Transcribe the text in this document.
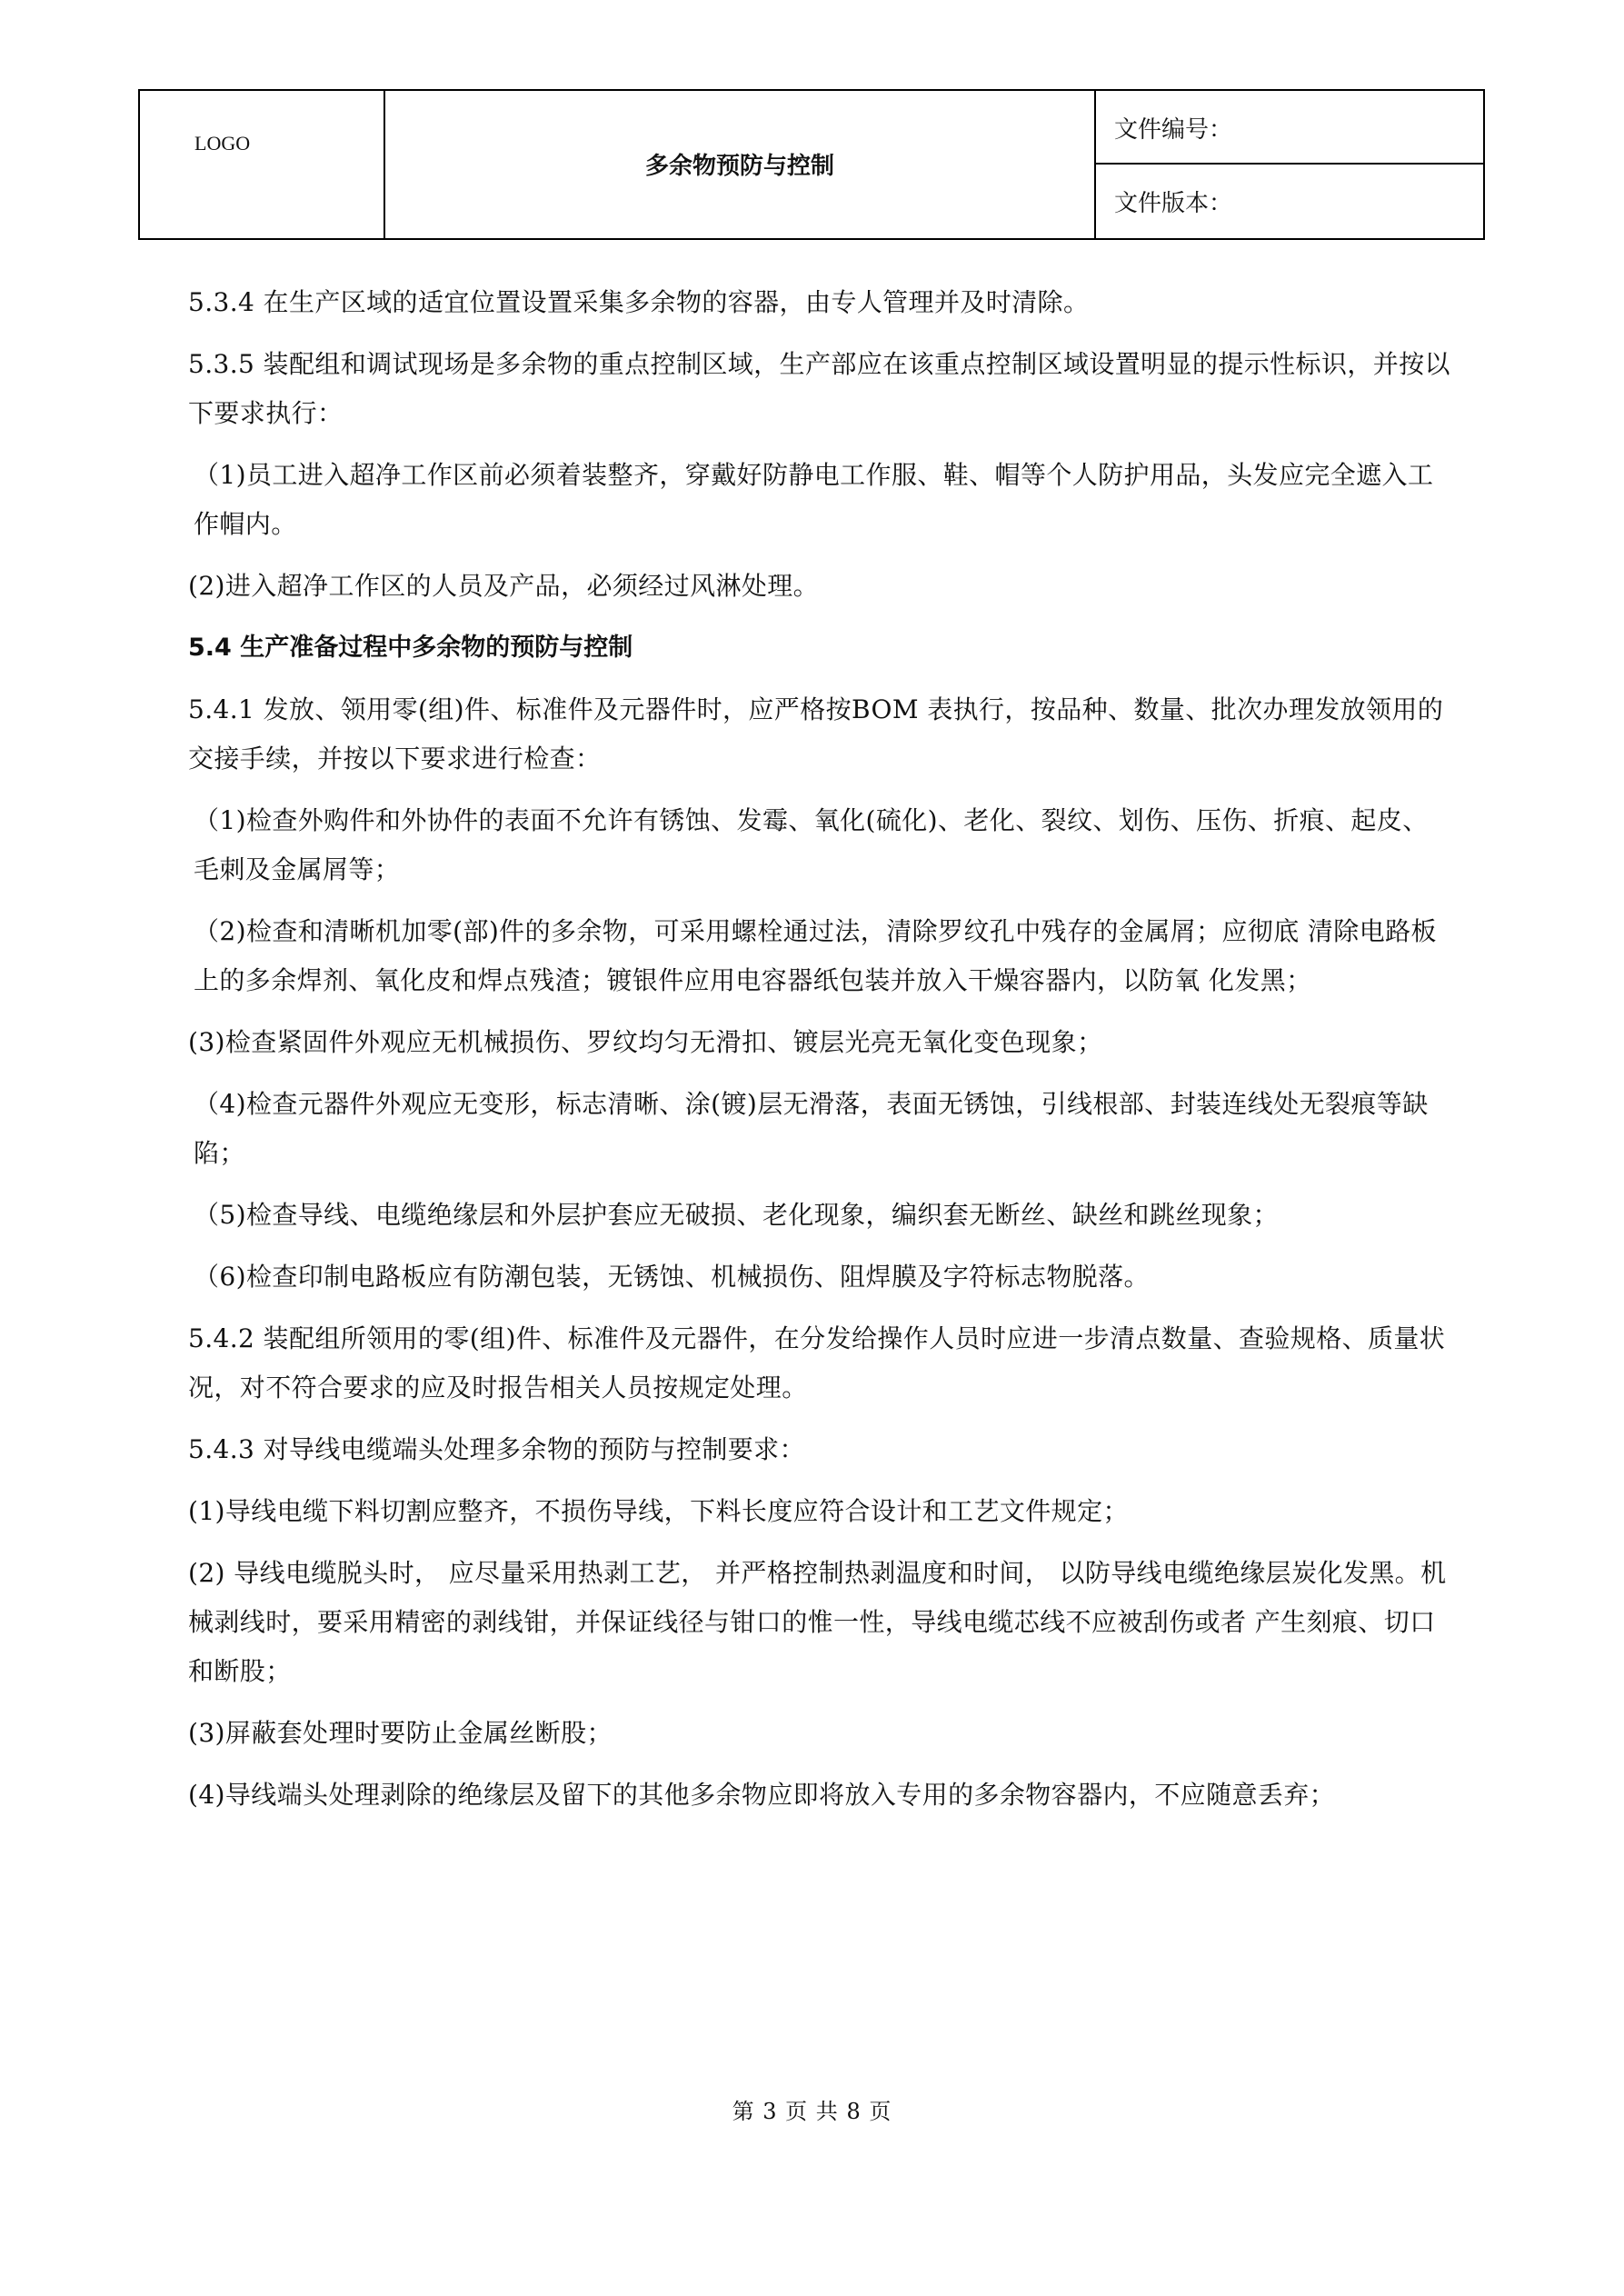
LOGO
多余物预防与控制
文件编号：
文件版本：

5.3.4 在生产区域的适宜位置设置采集多余物的容器，由专人管理并及时清除。

5.3.5 装配组和调试现场是多余物的重点控制区域，生产部应在该重点控制区域设置明显的提示性标识，并按以下要求执行：

（1)员工进入超净工作区前必须着装整齐，穿戴好防静电工作服、鞋、帽等个人防护用品，头发应完全遮入工作帽内。

(2)进入超净工作区的人员及产品，必须经过风淋处理。

5.4 生产准备过程中多余物的预防与控制

5.4.1 发放、领用零(组)件、标准件及元器件时，应严格按BOM 表执行，按品种、数量、批次办理发放领用的交接手续，并按以下要求进行检查：

（1)检查外购件和外协件的表面不允许有锈蚀、发霉、氧化(硫化)、老化、裂纹、划伤、压伤、折痕、起皮、毛刺及金属屑等；

（2)检查和清晰机加零(部)件的多余物，可采用螺栓通过法，清除罗纹孔中残存的金属屑；应彻底 清除电路板上的多余焊剂、氧化皮和焊点残渣；镀银件应用电容器纸包装并放入干燥容器内，以防氧 化发黑；

(3)检查紧固件外观应无机械损伤、罗纹均匀无滑扣、镀层光亮无氧化变色现象；

（4)检查元器件外观应无变形，标志清晰、涂(镀)层无滑落，表面无锈蚀，引线根部、封装连线处无裂痕等缺陷；

（5)检查导线、电缆绝缘层和外层护套应无破损、老化现象，编织套无断丝、缺丝和跳丝现象；

（6)检查印制电路板应有防潮包装，无锈蚀、机械损伤、阻焊膜及字符标志物脱落。

5.4.2 装配组所领用的零(组)件、标准件及元器件，在分发给操作人员时应进一步清点数量、查验规格、质量状况，对不符合要求的应及时报告相关人员按规定处理。

5.4.3 对导线电缆端头处理多余物的预防与控制要求：

(1)导线电缆下料切割应整齐，不损伤导线，下料长度应符合设计和工艺文件规定；

(2) 导线电缆脱头时， 应尽量采用热剥工艺， 并严格控制热剥温度和时间， 以防导线电缆绝缘层炭化发黑。机械剥线时，要采用精密的剥线钳，并保证线径与钳口的惟一性，导线电缆芯线不应被刮伤或者 产生刻痕、切口和断股；

(3)屏蔽套处理时要防止金属丝断股；

(4)导线端头处理剥除的绝缘层及留下的其他多余物应即将放入专用的多余物容器内，不应随意丢弃；

第 3 页 共 8 页
